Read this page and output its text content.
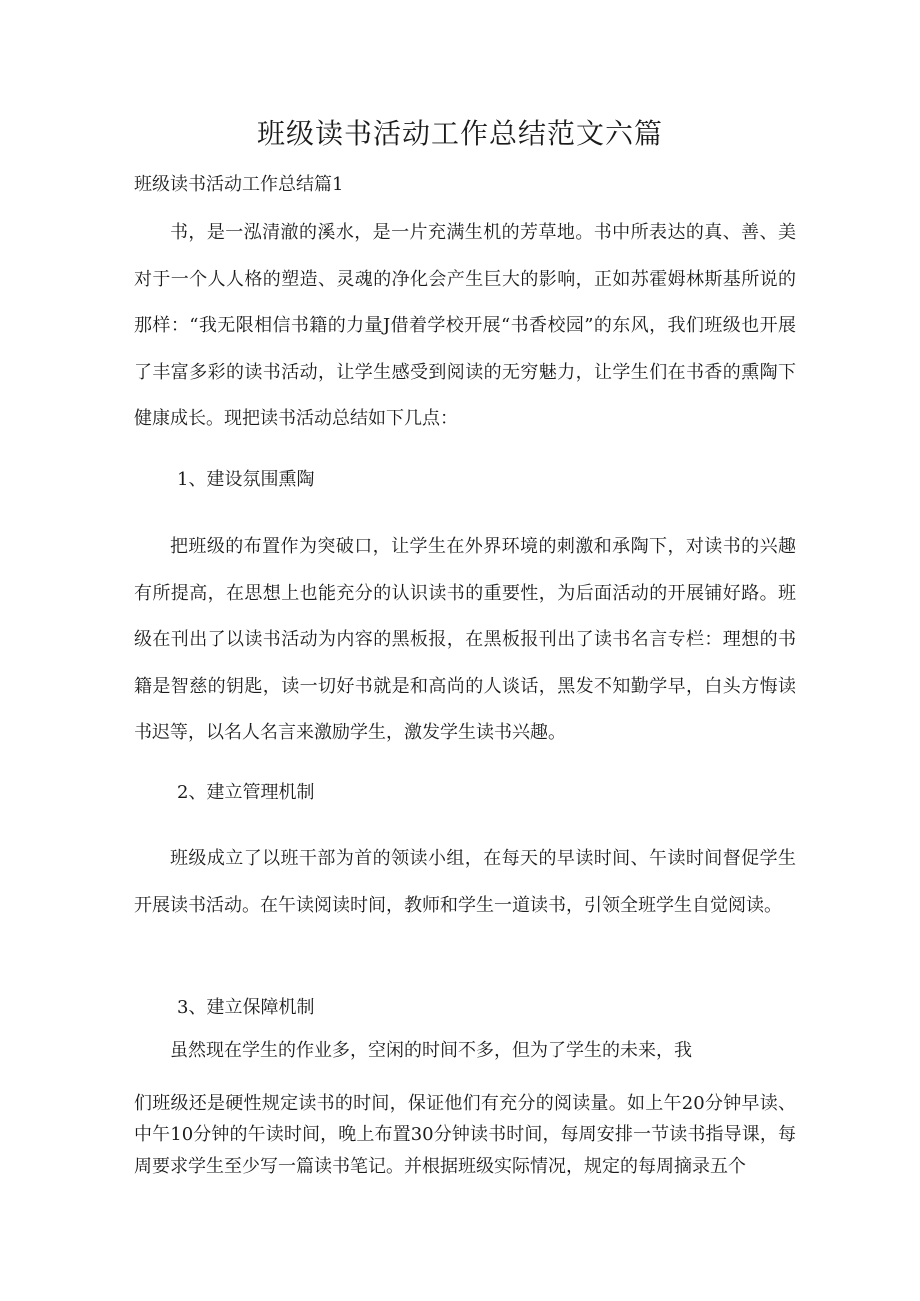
班级读书活动工作总结范文六篇
班级读书活动工作总结篇1

书，是一泓清澈的溪水，是一片充满生机的芳草地。书中所表达的真、善、美对于一个人人格的塑造、灵魂的净化会产生巨大的影响，正如苏霍姆林斯基所说的那样：“我无限相信书籍的力量J借着学校开展“书香校园”的东风，我们班级也开展了丰富多彩的读书活动，让学生感受到阅读的无穷魅力，让学生们在书香的熏陶下健康成长。现把读书活动总结如下几点：

1、建设氛围熏陶

把班级的布置作为突破口，让学生在外界环境的刺激和承陶下，对读书的兴趣有所提高，在思想上也能充分的认识读书的重要性，为后面活动的开展铺好路。班级在刊出了以读书活动为内容的黑板报，在黑板报刊出了读书名言专栏：理想的书籍是智慈的钥匙，读一切好书就是和高尚的人谈话，黑发不知勤学早，白头方悔读书迟等，以名人名言来激励学生，激发学生读书兴趣。

2、建立管理机制

班级成立了以班干部为首的领读小组，在每天的早读时间、午读时间督促学生开展读书活动。在午读阅读时间，教师和学生一道读书，引领全班学生自觉阅读。

3、建立保障机制

虽然现在学生的作业多，空闲的时间不多，但为了学生的未来，我

们班级还是硬性规定读书的时间，保证他们有充分的阅读量。如上午20分钟早读、中午10分钟的午读时间，晚上布置30分钟读书时间，每周安排一节读书指导课，每周要求学生至少写一篇读书笔记。并根据班级实际情况，规定的每周摘录五个
